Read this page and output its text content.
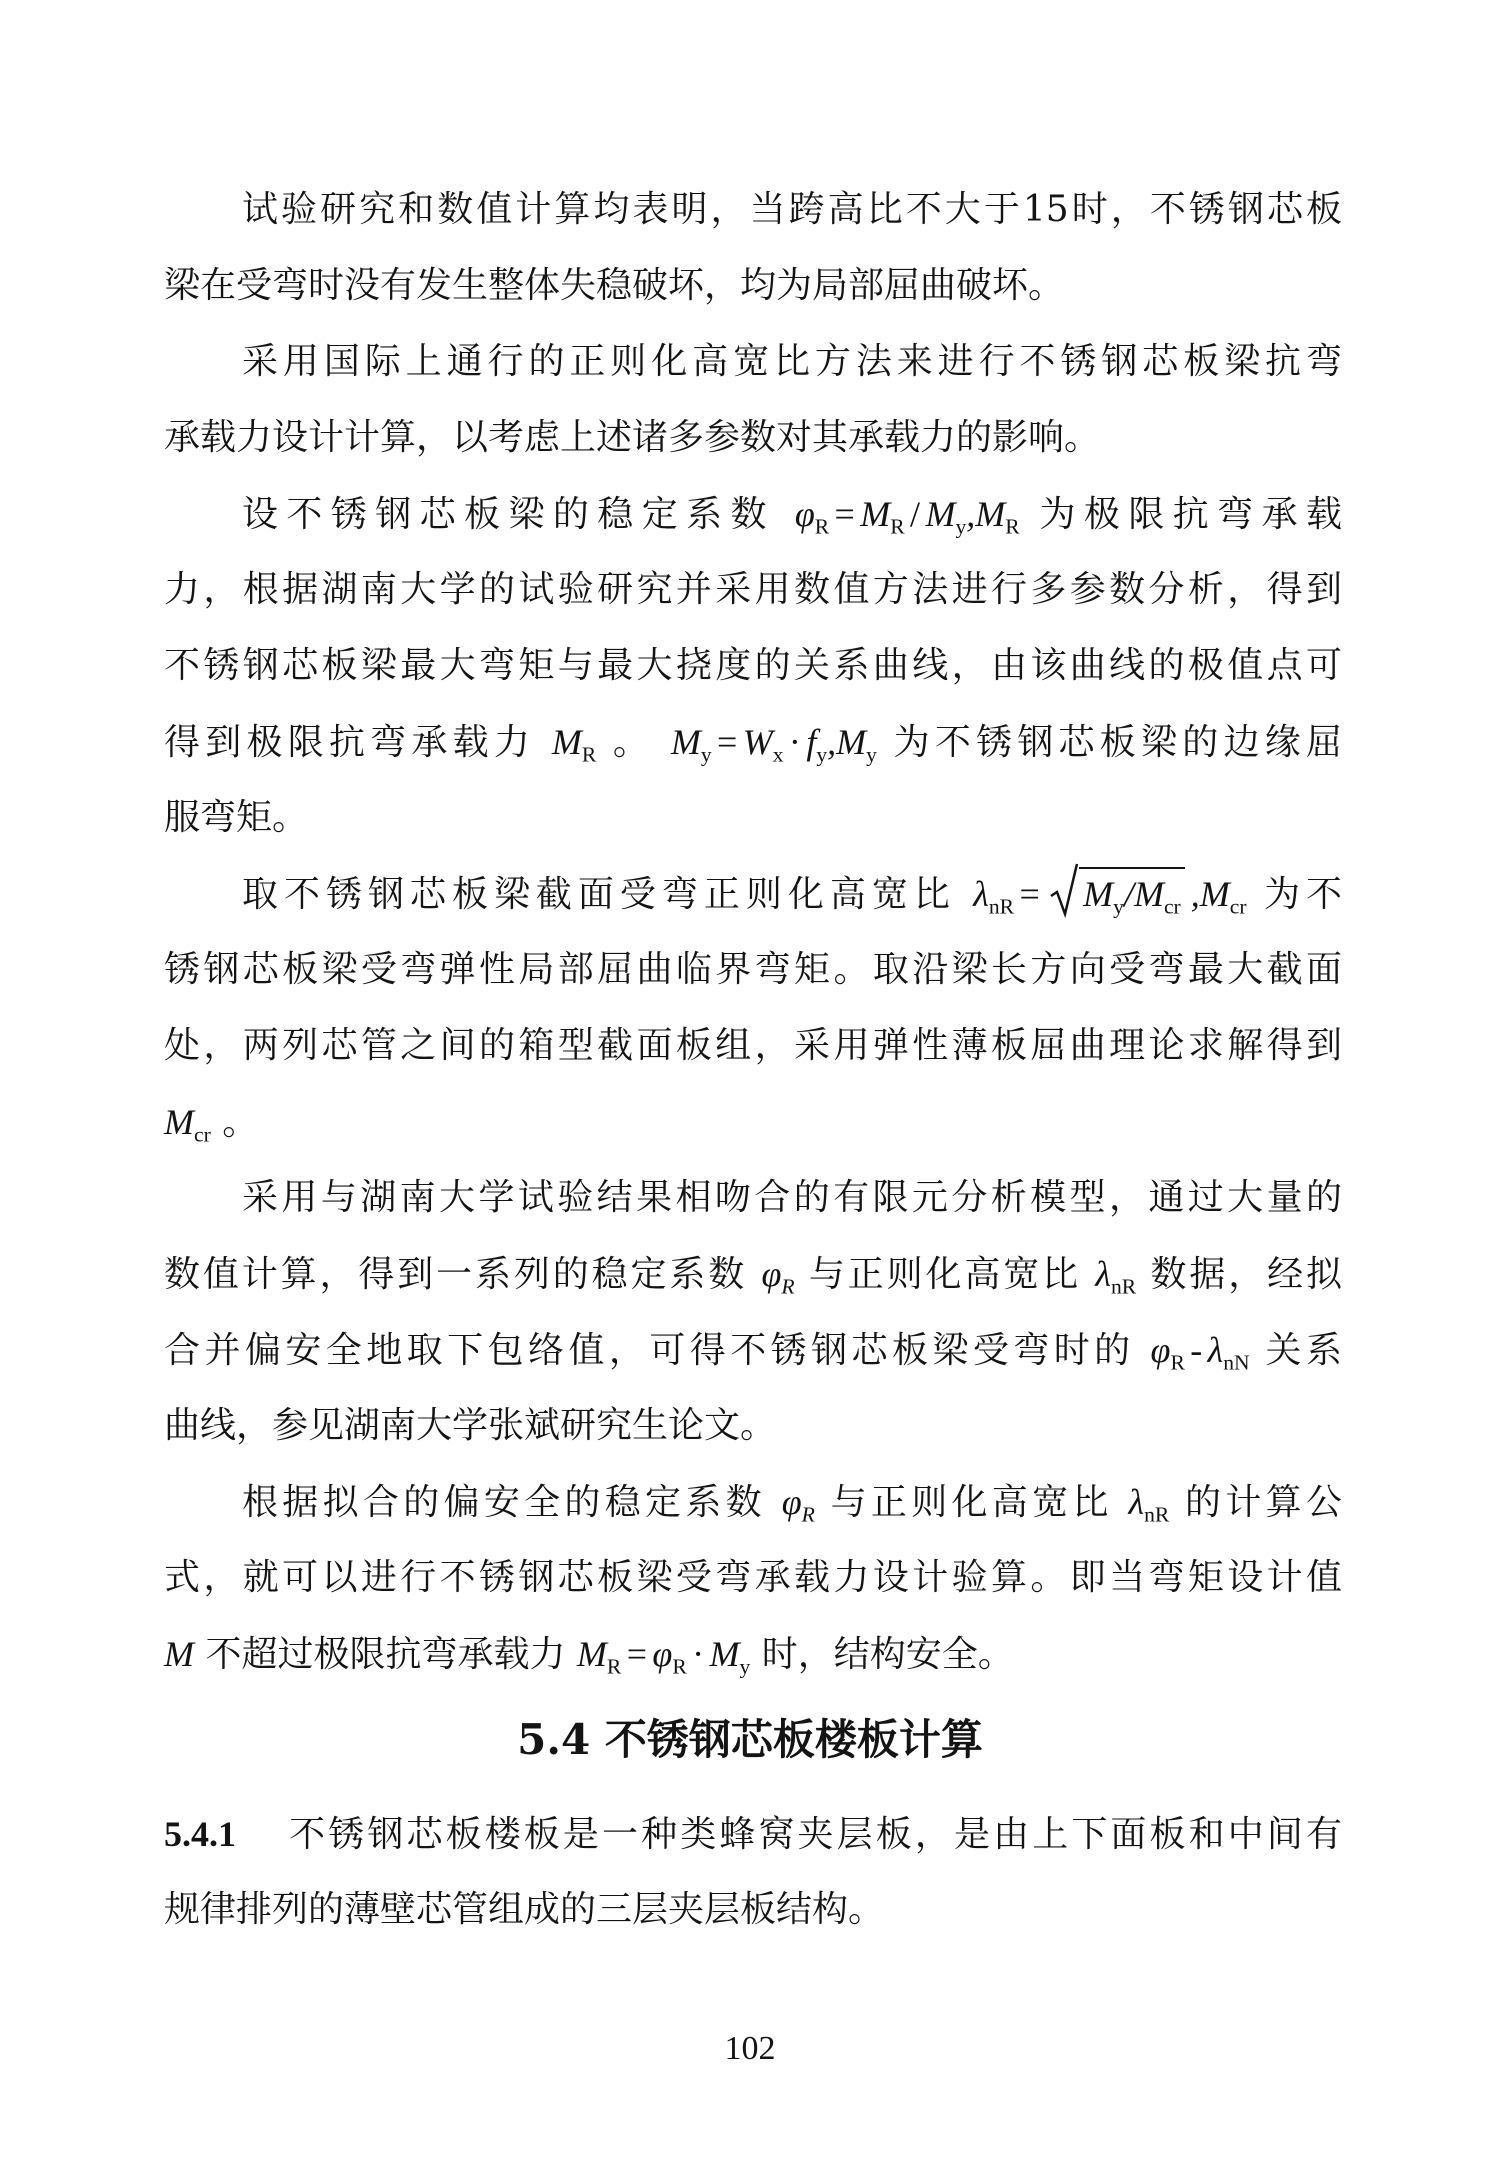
试验研究和数值计算均表明，当跨高比不大于15时，不锈钢芯板

梁在受弯时没有发生整体失稳破坏，均为局部屈曲破坏。

采用国际上通行的正则化高宽比方法来进行不锈钢芯板梁抗弯

承载力设计计算，以考虑上述诸多参数对其承载力的影响。

设不锈钢芯板梁的稳定系数 $\varphi_R = M_R / M_y,M_R$ 为极限抗弯承载

力，根据湖南大学的试验研究并采用数值方法进行多参数分析，得到

不锈钢芯板梁最大弯矩与最大挠度的关系曲线，由该曲线的极值点可

得到极限抗弯承载力 $M_R$ 。 $M_y = W_x \cdot f_y,M_y$ 为不锈钢芯板梁的边缘屈

服弯矩。

取不锈钢芯板梁截面受弯正则化高宽比 $\lambda_{nR} = M_y/M_{cr}$ $,M_{cr}$ 为不

锈钢芯板梁受弯弹性局部屈曲临界弯矩。取沿梁长方向受弯最大截面

处，两列芯管之间的箱型截面板组，采用弹性薄板屈曲理论求解得到

$M_{cr}$ 。

采用与湖南大学试验结果相吻合的有限元分析模型，通过大量的

数值计算，得到一系列的稳定系数 $\varphi_R$ 与正则化高宽比 $\lambda_{nR}$ 数据，经拟

合并偏安全地取下包络值，可得不锈钢芯板梁受弯时的 $\varphi_R - \lambda_{nN}$ 关系

曲线，参见湖南大学张斌研究生论文。

根据拟合的偏安全的稳定系数 $\varphi_R$ 与正则化高宽比 $\lambda_{nR}$ 的计算公

式，就可以进行不锈钢芯板梁受弯承载力设计验算。即当弯矩设计值

M 不超过极限抗弯承载力 $M_R = \varphi_R \cdot M_y$ 时，结构安全。

5.4 不锈钢芯板楼板计算

5.4.1 不锈钢芯板楼板是一种类蜂窝夹层板，是由上下面板和中间有

规律排列的薄壁芯管组成的三层夹层板结构。

102
